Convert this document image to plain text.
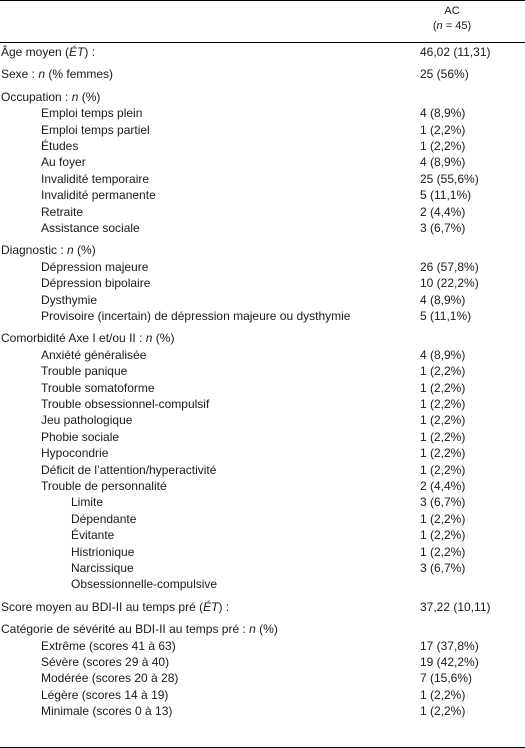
AC
(n = 45)
Âge moyen (ÉT) :	46,02 (11,31)
Sexe : n (% femmes)	25 (56%)
Occupation : n (%)
Emploi temps plein	4 (8,9%)
Emploi temps partiel	1 (2,2%)
Études	1 (2,2%)
Au foyer	4 (8,9%)
Invalidité temporaire	25 (55,6%)
Invalidité permanente	5 (11,1%)
Retraite	2 (4,4%)
Assistance sociale	3 (6,7%)
Diagnostic : n (%)
Dépression majeure	26 (57,8%)
Dépression bipolaire	10 (22,2%)
Dysthymie	4 (8,9%)
Provisoire (incertain) de dépression majeure ou dysthymie	5 (11,1%)
Comorbidité Axe I et/ou II : n (%)
Anxiété généralisée	4 (8,9%)
Trouble panique	1 (2,2%)
Trouble somatoforme	1 (2,2%)
Trouble obsessionnel-compulsif	1 (2,2%)
Jeu pathologique	1 (2,2%)
Phobie sociale	1 (2,2%)
Hypocondrie	1 (2,2%)
Déficit de l’attention/hyperactivité	1 (2,2%)
Trouble de personnalité	2 (4,4%)
Limite	3 (6,7%)
Dépendante	1 (2,2%)
Évitante	1 (2,2%)
Histrionique	1 (2,2%)
Narcissique	3 (6,7%)
Obsessionnelle-compulsive
Score moyen au BDI-II au temps pré (ÉT) :	37,22 (10,11)
Catégorie de sévérité au BDI-II au temps pré : n (%)
Extrême (scores 41 à 63)	17 (37,8%)
Sévère (scores 29 à 40)	19 (42,2%)
Modérée (scores 20 à 28)	7 (15,6%)
Légère (scores 14 à 19)	1 (2,2%)
Minimale (scores 0 à 13)	1 (2,2%)
